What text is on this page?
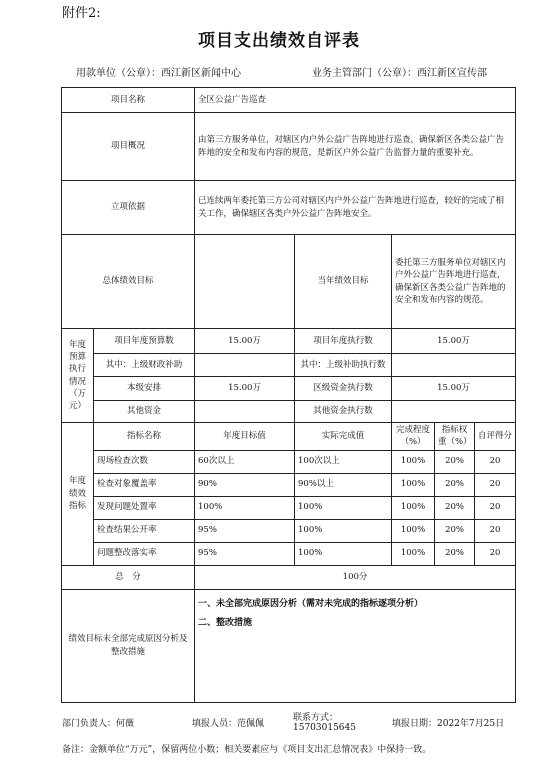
附件2:
项目支出绩效自评表
用款单位（公章）：西江新区新闻中心	业务主管部门（公章）：西江新区宣传部
项目名称		全区公益广告巡查				
项目概况		由第三方服务单位，对辖区内户外公益广告阵地进行巡查，确保新区各类公益广告阵地的安全和发布内容的规范，是新区户外公益广告监督力量的重要补充。				
立项依据		已连续两年委托第三方公司对辖区内户外公益广告阵地进行巡查，较好的完成了相关工作，确保辖区各类户外公益广告阵地安全。				
总体绩效目标			当年绩效目标	委托第三方服务单位对辖区内户外公益广告阵地进行巡查，确保新区各类公益广告阵地的安全和发布内容的规范。		
年度预算执行情况（万元）	项目年度预算数	15.00万	项目年度执行数	15.00万		
	其中：上级财政补助		其中：上级补助执行数			
	本级安排	15.00万	区级资金执行数	15.00万		
	其他资金		其他资金执行数			
年度绩效指标	指标名称	年度目标值	实际完成值	完成程度（%）	指标权重（%）	自评得分
	现场检查次数	60次以上	100次以上	100%	20%	20
	检查对象覆盖率	90%	90%以上	100%	20%	20
	发现问题处置率	100%	100%	100%	20%	20
	检查结果公开率	95%	100%	100%	20%	20
	问题整改落实率	95%	100%	100%	20%	20
总　分		100分				
绩效目标未全部完成原因分析及整改措施		一、未全部完成原因分析（需对未完成的指标逐项分析）
二、整改措施				
部门负责人：何薇	填报人员：范佩佩
联系方式：
15703015645	填报日期：2022年7月25日
备注：金额单位“万元”，保留两位小数；相关要素应与《项目支出汇总情况表》中保持一致。
